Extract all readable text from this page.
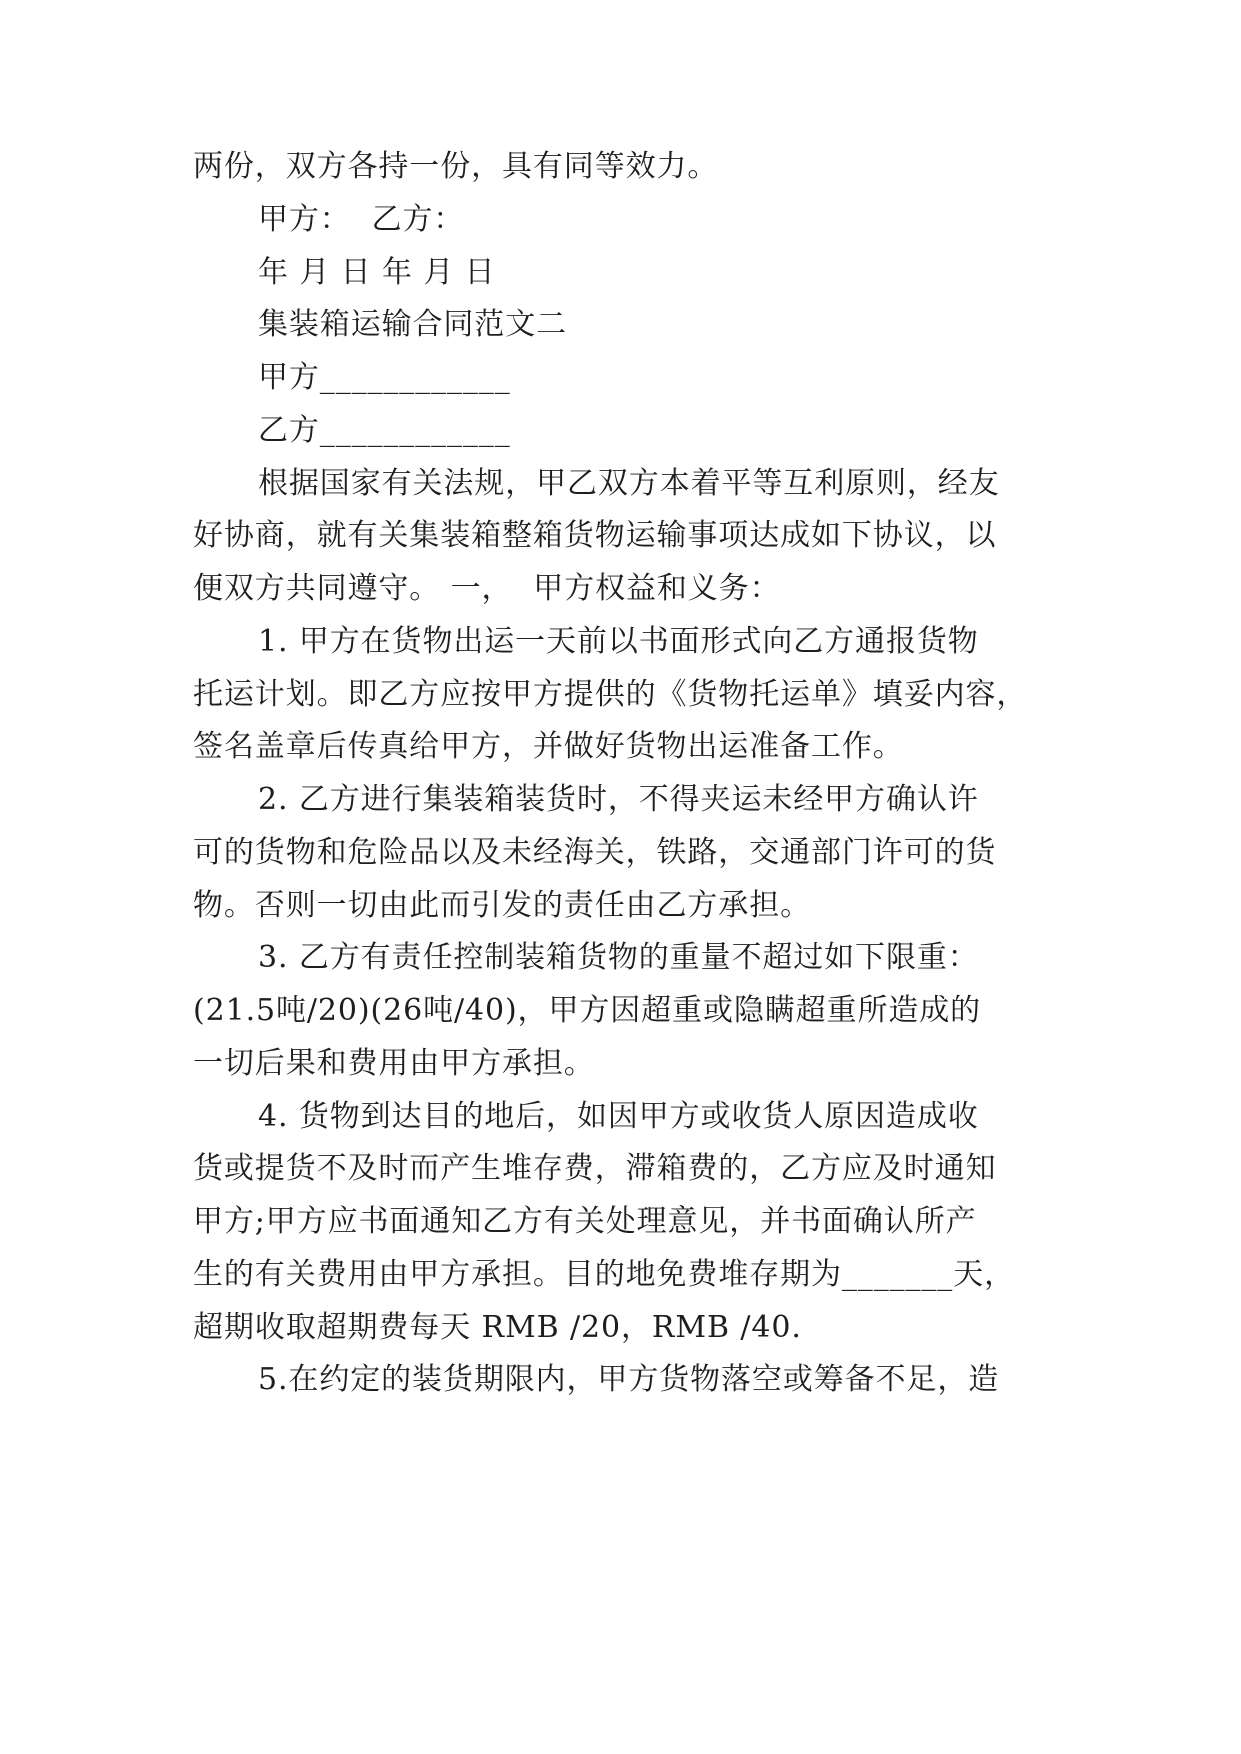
两份，双方各持一份，具有同等效力。
甲方：  乙方：
年 月 日 年 月 日
集装箱运输合同范文二
甲方____________
乙方____________
根据国家有关法规，甲乙双方本着平等互利原则，经友
好协商，就有关集装箱整箱货物运输事项达成如下协议，以
便双方共同遵守。 一，  甲方权益和义务：
1. 甲方在货物出运一天前以书面形式向乙方通报货物
托运计划。即乙方应按甲方提供的《货物托运单》填妥内容，
签名盖章后传真给甲方，并做好货物出运准备工作。
2. 乙方进行集装箱装货时，不得夹运未经甲方确认许
可的货物和危险品以及未经海关，铁路，交通部门许可的货
物。否则一切由此而引发的责任由乙方承担。
3. 乙方有责任控制装箱货物的重量不超过如下限重：
(21.5吨/20)(26吨/40)，甲方因超重或隐瞒超重所造成的
一切后果和费用由甲方承担。
4. 货物到达目的地后，如因甲方或收货人原因造成收
货或提货不及时而产生堆存费，滞箱费的，乙方应及时通知
甲方;甲方应书面通知乙方有关处理意见，并书面确认所产
生的有关费用由甲方承担。目的地免费堆存期为_______天，
超期收取超期费每天 RMB /20，RMB /40.
5.在约定的装货期限内，甲方货物落空或筹备不足，造
